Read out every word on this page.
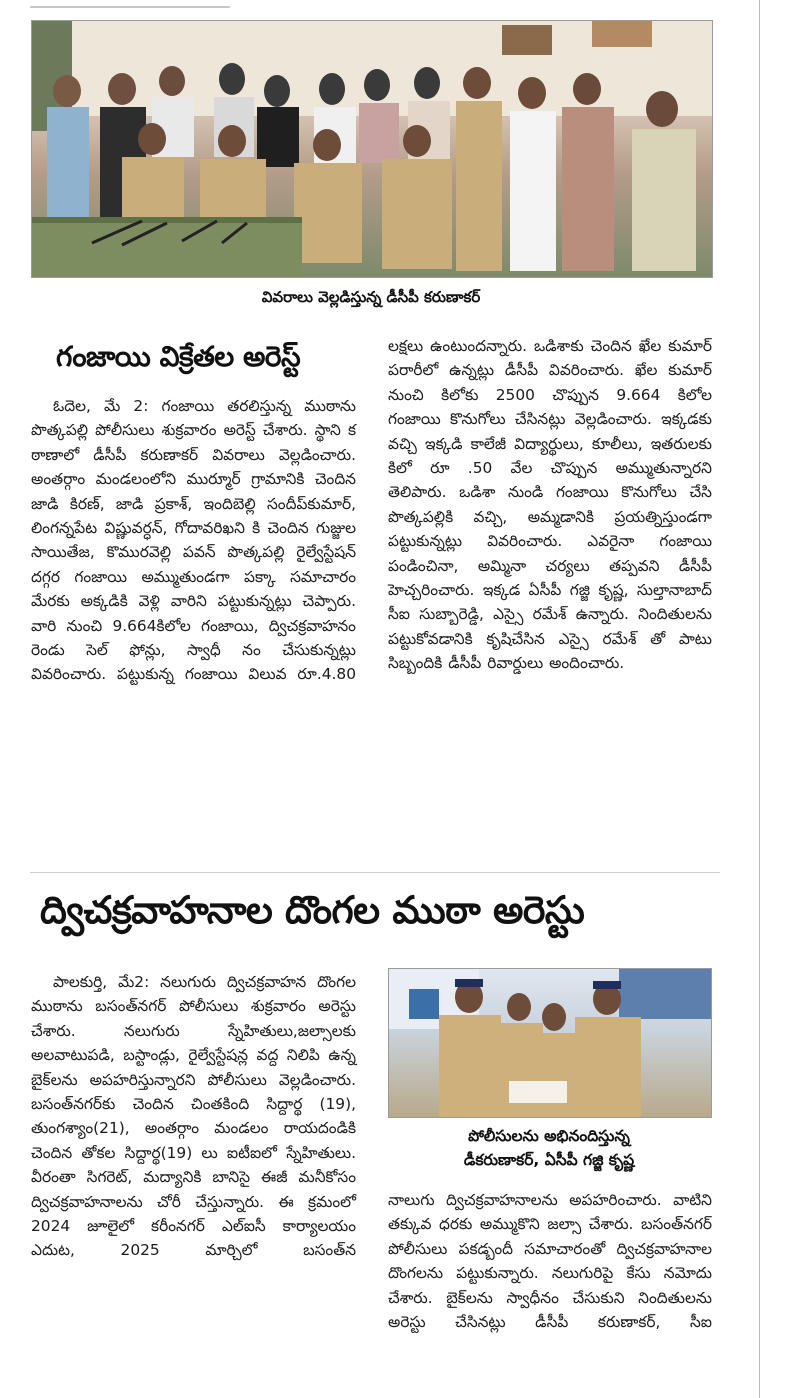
వివరాలు వెల్లడిస్తున్న డీసీపీ కరుణాకర్
గంజాయి విక్రేతల అరెస్ట్

ఓదెల, మే 2: గంజాయి తరలిస్తున్న ముఠాను పొత్కపల్లి పోలీసులు శుక్రవారం అరెస్ట్ చేశారు. స్థాని క ఠాణాలో డీసీపీ కరుణాకర్ వివరాలు వెల్లడించారు. అంతర్గాం మండలంలోని ముర్మూర్ గ్రామానికి చెందిన జాడి కిరణ్, జాడి ప్రకాశ్, ఇందిబెల్లి సందీప్‌కుమార్, లింగన్నపేట విష్ణువర్ధన్, గోదావరిఖని కి చెందిన గుజ్జుల సాయితేజ, కొమురవెల్లి పవన్ పొత్కపల్లి రైల్వేస్టేషన్ దగ్గర గంజాయి అమ్ముతుండగా పక్కా సమాచారం మేరకు అక్కడికి వెళ్లి వారిని పట్టుకున్నట్లు చెప్పారు. వారి నుంచి 9.664కిలోల గంజాయి, ద్విచక్రవాహనం రెండు సెల్ ఫోన్లు, స్వాధీ నం చేసుకున్నట్లు వివరించారు. పట్టుకున్న గంజాయి విలువ రూ.4.80

లక్షలు ఉంటుందన్నారు. ఒడిశాకు చెందిన ఖేల కుమార్ పరారీలో ఉన్నట్లు డీసీపీ వివరించారు. ఖేల కుమార్ నుంచి కిలోకు 2500 చొప్పున 9.664 కిలోల గంజాయి కొనుగోలు చేసినట్లు వెల్లడించారు. ఇక్కడకు వచ్చి ఇక్కడి కాలేజీ విద్యార్థులు, కూలీలు, ఇతరులకు కిలో రూ .50 వేల చొప్పున అమ్ముతున్నారని తెలిపారు. ఒడిశా నుండి గంజాయి కొనుగోలు చేసి పొత్కపల్లికి వచ్చి, అమ్మడానికి ప్రయత్నిస్తుండగా పట్టుకున్నట్లు వివరించారు. ఎవరైనా గంజాయి పండించినా, అమ్మినా చర్యలు తప్పవని డీసీపీ హెచ్చరించారు. ఇక్కడ ఏసీపీ గజ్జి కృష్ణ, సుల్తానాబాద్ సీఐ సుబ్బారెడ్డి, ఎస్సై రమేశ్ ఉన్నారు. నిందితులను పట్టుకోవడానికి కృషిచేసిన ఎస్సై రమేశ్ తో పాటు సిబ్బందికి డీసీపీ రివార్డులు అందించారు.

ద్విచక్రవాహనాల దొంగల ముఠా అరెస్టు

పాలకుర్తి, మే2: నలుగురు ద్విచక్రవాహన దొంగల ముఠాను బసంత్‌నగర్ పోలీసులు శుక్రవారం అరెస్టు చేశారు. నలుగురు స్నేహితులు,జల్సాలకు అలవాటుపడి, బస్టాండ్లు, రైల్వేస్టేషన్ల వద్ద నిలిపి ఉన్న బైక్‌లను అపహరిస్తున్నారని పోలీసులు వెల్లడించారు. బసంత్‌నగర్‌కు చెందిన చింతకింది సిద్దార్థ (19), తుంగశ్యాం(21), అంతర్గాం మండలం రాయదండికి చెందిన తోకల సిద్దార్థ(19) లు ఐటీఐలో స్నేహితులు. వీరంతా సిగరెట్, మద్యానికి బానిసై ఈజీ మనీకోసం ద్విచక్రవాహనాలను చోరీ చేస్తున్నారు. ఈ క్రమంలో 2024 జూలైలో కరీంనగర్ ఎల్ఐసీ కార్యాలయం ఎదుట, 2025 మార్చిలో బసంత్‌న

పోలీసులను అభినందిస్తున్న
డీకరుణాకర్, ఏసీపీ గజ్జి కృష్ణ

నాలుగు ద్విచక్రవాహనాలను అపహరించారు. వాటిని తక్కువ ధరకు అమ్ముకొని జల్సా చేశారు. బసంత్‌నగర్ పోలీసులు పకడ్బందీ సమాచారంతో ద్విచక్రవాహనాల దొంగలను పట్టుకున్నారు. నలుగురిపై కేసు నమోదు చేశారు. బైక్‌లను స్వాధీనం చేసుకుని నిందితులను అరెస్టు చేసినట్లు డీసీపీ కరుణాకర్, సీఐ
